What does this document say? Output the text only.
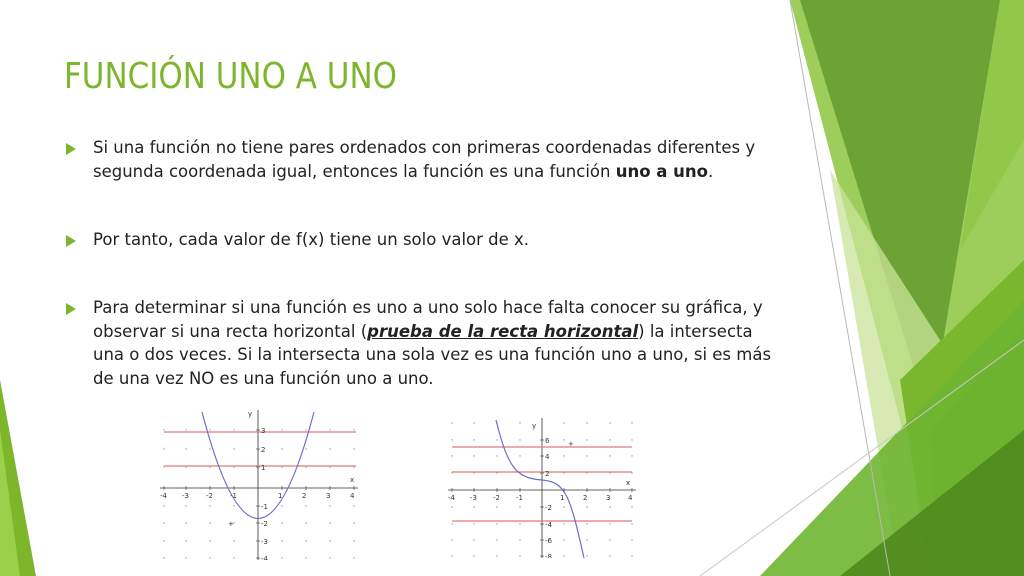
FUNCIÓN UNO A UNO

Si una función no tiene pares ordenados con primeras coordenadas diferentes y segunda coordenada igual, entonces la función es una función uno a uno.

Por tanto, cada valor de f(x) tiene un solo valor de x.

Para determinar si una función es uno a uno solo hace falta conocer su gráfica, y observar si una recta horizontal (prueba de la recta horizontal) la intersecta una o dos veces. Si la intersecta una sola vez es una función uno a uno, si es más de una vez NO es una función uno a uno.

x
y
-4 -3 -2 -1	1	2	3	4
3
2
1
-1
-2
-3
-4
+
x
y
-4 -3 -2 -1	1	2	3	4
6
4
2
-2
-4
-6
-8
+
